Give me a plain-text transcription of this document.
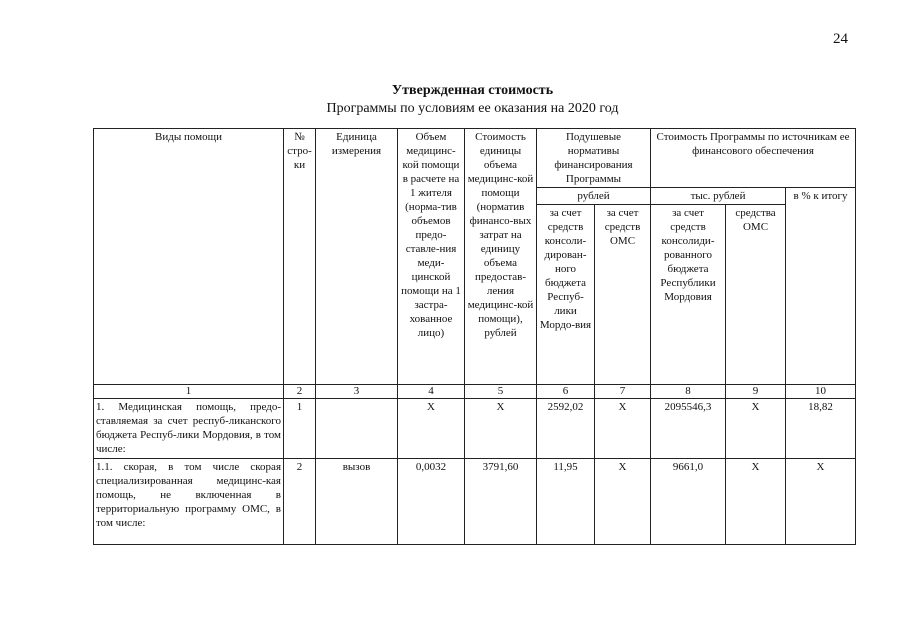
24
Утвержденная стоимость
Программы по условиям ее оказания на 2020 год
Виды помощи	№ стро-ки	Единица измерения	Объем медицинс-кой помощи в расчете на 1 жителя (норма-тив объемов предо-ставле-ния меди-цинской помощи на 1 застра-хованное лицо)	Стоимость единицы объема медицинс-кой помощи (норматив финансо-вых затрат на единицу объема предостав-ления медицинс-кой помощи), рублей	Подушевые нормативы финансирования Программы		Стоимость Программы по источникам ее финансового обеспечения		
					рублей		тыс. рублей		в % к итогу
					за счет средств консоли-дирован-ного бюджета Респуб-лики Мордо-вия	за счет средств ОМС	за счет средств консолиди-рованного бюджета Республики Мордовия	средства ОМС	
1	2	3	4	5	6	7	8	9	10
1. Медицинская помощь, предо-ставляемая за счет респуб-ликанского бюджета Респуб-лики Мордовия, в том числе:	1		Х	Х	2592,02	Х	2095546,3	Х	18,82
1.1. скорая, в том числе скорая специализированная медицинс-кая помощь, не включенная в территориальную программу ОМС, в том числе:	2	вызов	0,0032	3791,60	11,95	Х	9661,0	Х	Х
